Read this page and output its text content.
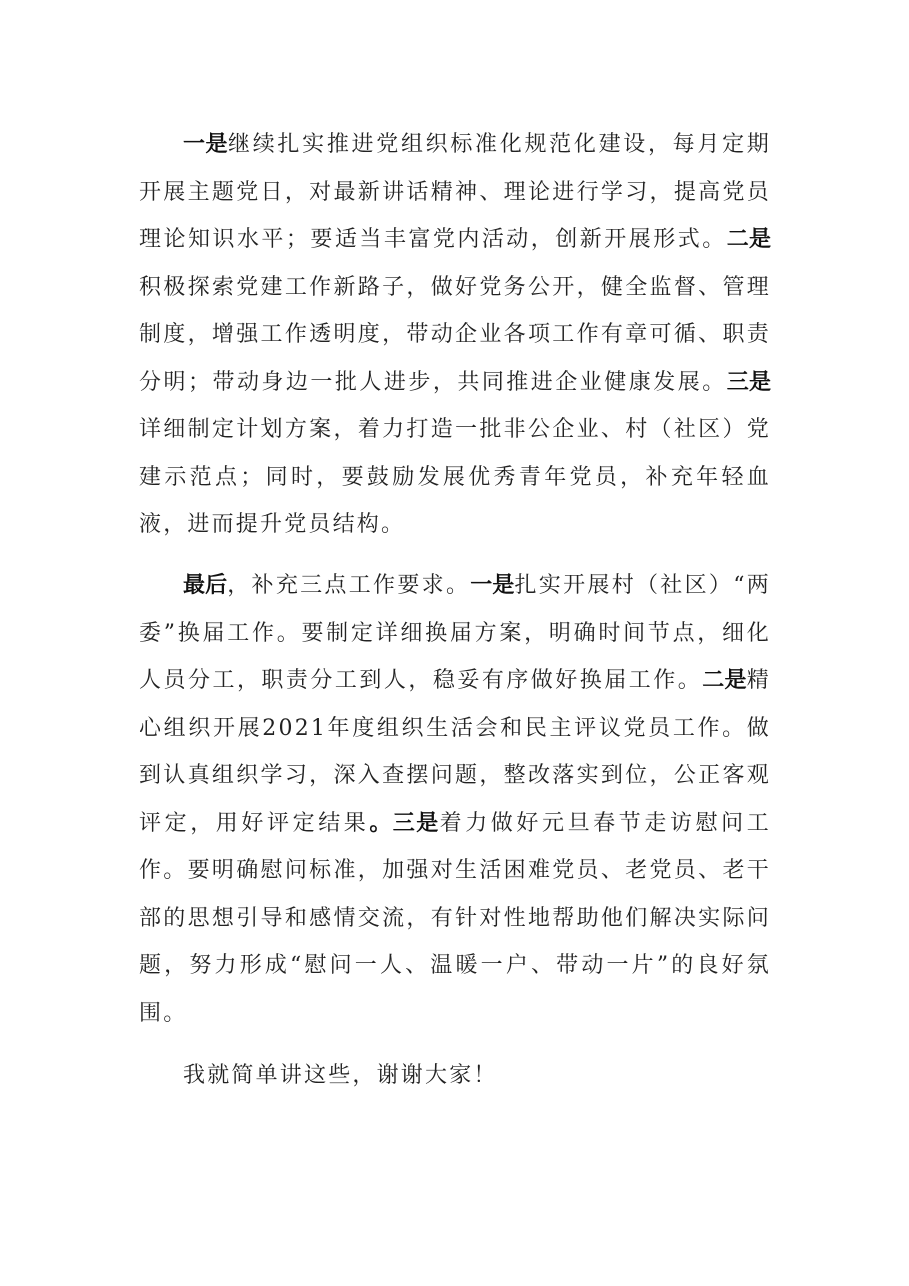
一是继续扎实推进党组织标准化规范化建设，每月定期开展主题党日，对最新讲话精神、理论进行学习，提高党员理论知识水平；要适当丰富党内活动，创新开展形式。二是积极探索党建工作新路子，做好党务公开，健全监督、管理制度，增强工作透明度，带动企业各项工作有章可循、职责分明；带动身边一批人进步，共同推进企业健康发展。三是详细制定计划方案，着力打造一批非公企业、村（社区）党建示范点；同时，要鼓励发展优秀青年党员，补充年轻血液，进而提升党员结构。

最后，补充三点工作要求。一是扎实开展村（社区）“两委”换届工作。要制定详细换届方案，明确时间节点，细化人员分工，职责分工到人，稳妥有序做好换届工作。二是精心组织开展2021年度组织生活会和民主评议党员工作。做到认真组织学习，深入查摆问题，整改落实到位，公正客观评定，用好评定结果。三是着力做好元旦春节走访慰问工作。要明确慰问标准，加强对生活困难党员、老党员、老干部的思想引导和感情交流，有针对性地帮助他们解决实际问题，努力形成“慰问一人、温暖一户、带动一片”的良好氛围。

我就简单讲这些，谢谢大家！
